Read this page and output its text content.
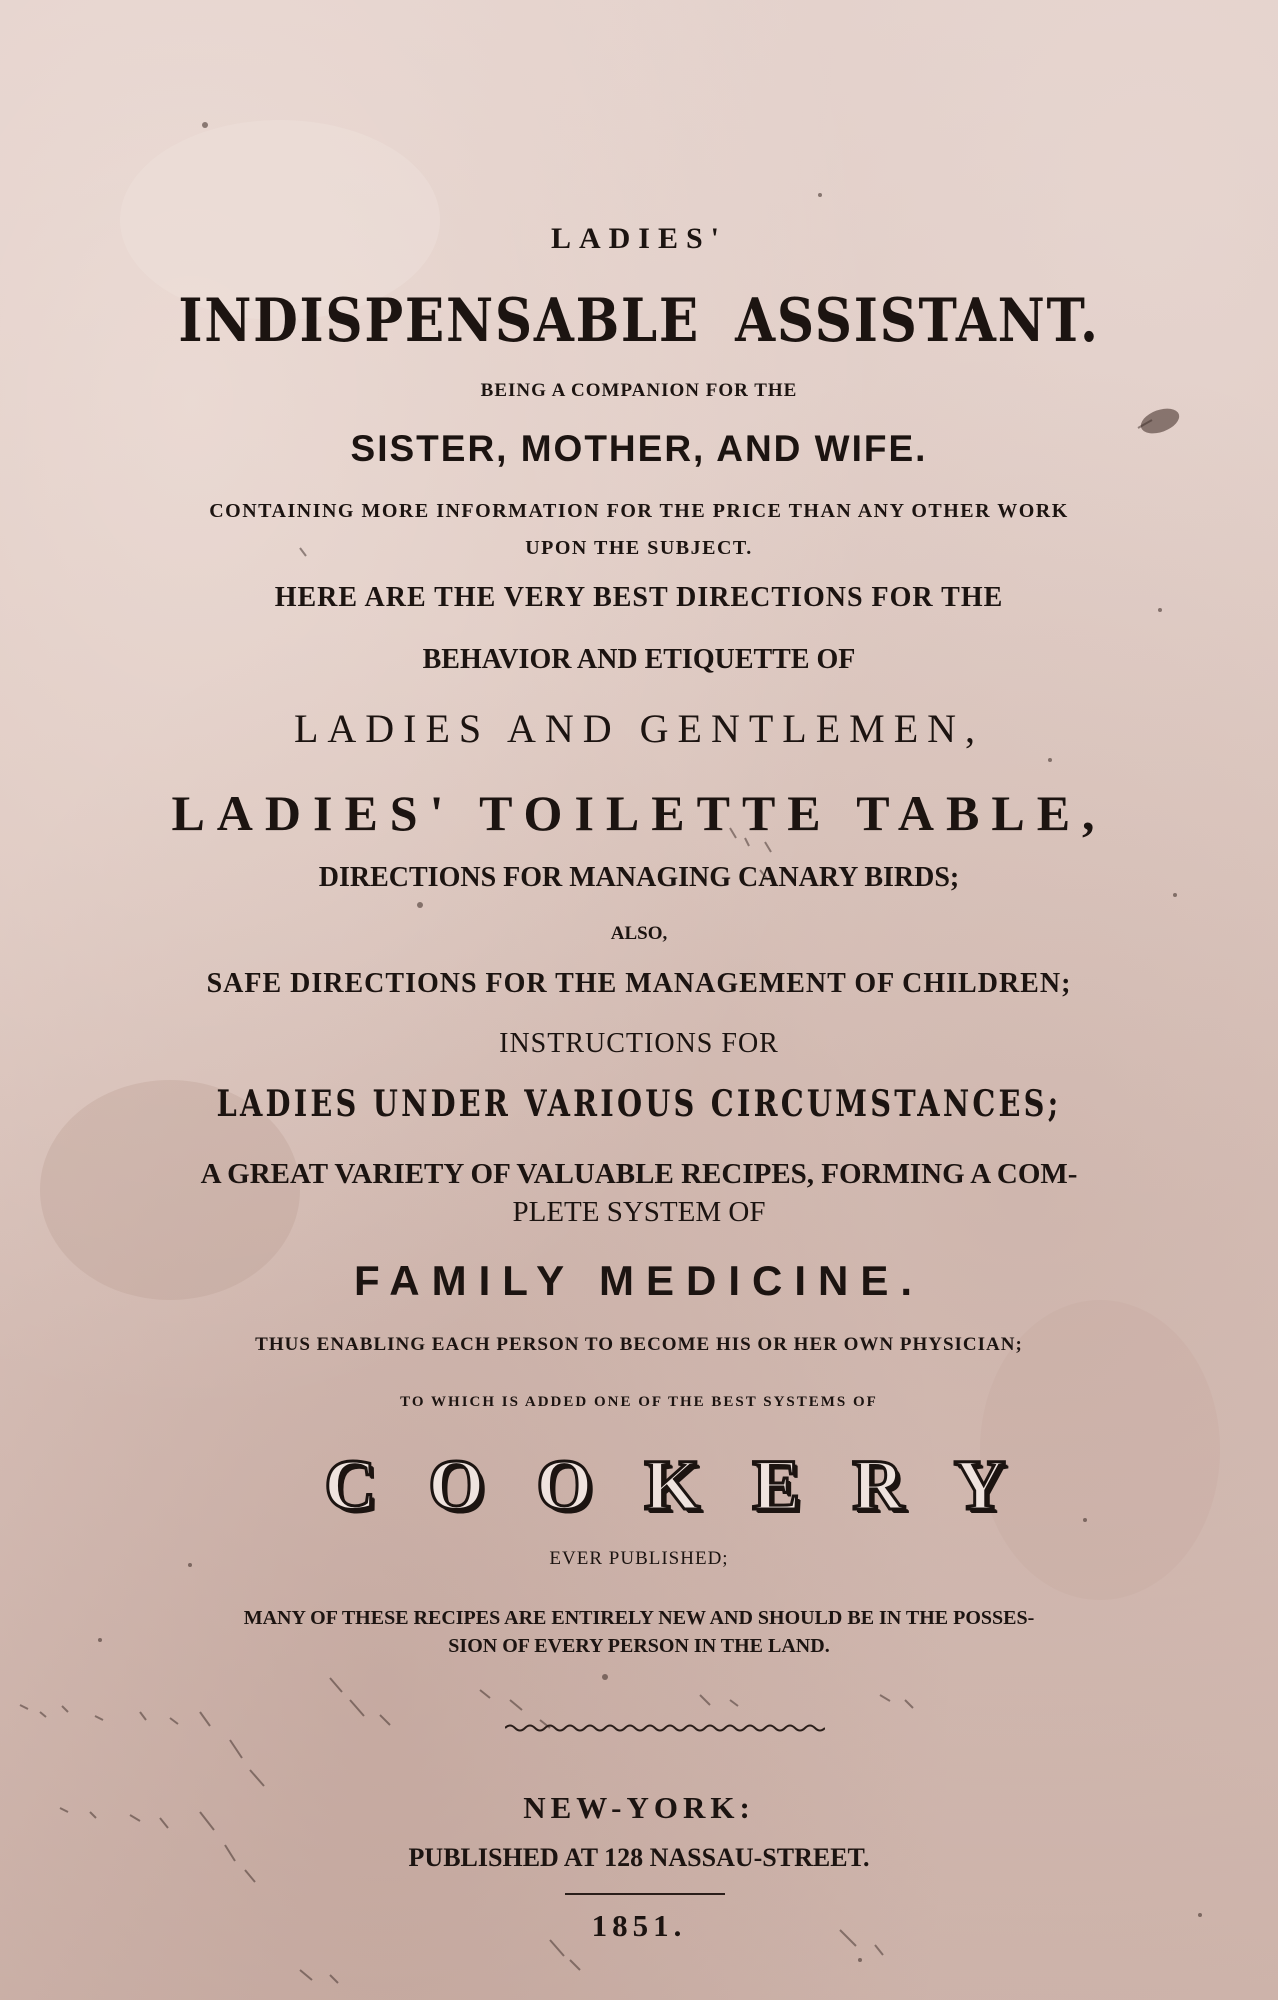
LADIES'
INDISPENSABLE ASSISTANT.
BEING A COMPANION FOR THE
SISTER, MOTHER, AND WIFE.
CONTAINING MORE INFORMATION FOR THE PRICE THAN ANY OTHER WORK
UPON THE SUBJECT.
HERE ARE THE VERY BEST DIRECTIONS FOR THE
BEHAVIOR AND ETIQUETTE OF
LADIES AND GENTLEMEN,
LADIES' TOILETTE TABLE,
DIRECTIONS FOR MANAGING CANARY BIRDS;
ALSO,
SAFE DIRECTIONS FOR THE MANAGEMENT OF CHILDREN;
INSTRUCTIONS FOR
LADIES UNDER VARIOUS CIRCUMSTANCES;
A GREAT VARIETY OF VALUABLE RECIPES, FORMING A COM-
PLETE SYSTEM OF
FAMILY MEDICINE.
THUS ENABLING EACH PERSON TO BECOME HIS OR HER OWN PHYSICIAN;
TO WHICH IS ADDED ONE OF THE BEST SYSTEMS OF
COOKERY
EVER PUBLISHED;
MANY OF THESE RECIPES ARE ENTIRELY NEW AND SHOULD BE IN THE POSSES-
SION OF EVERY PERSON IN THE LAND.
NEW-YORK:
PUBLISHED AT 128 NASSAU-STREET.
1851.
